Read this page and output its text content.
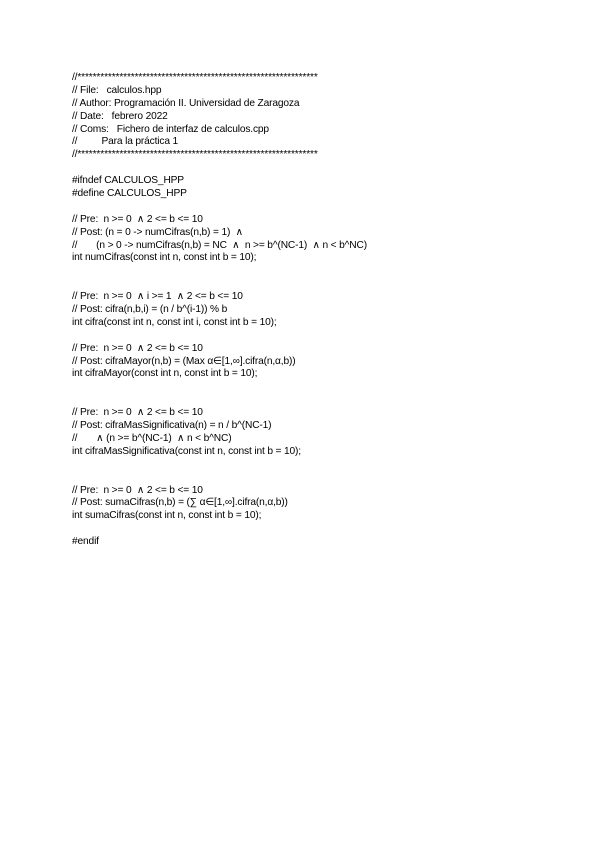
//***************************************************************
// File:   calculos.hpp
// Author: Programación II. Universidad de Zaragoza
// Date:   febrero 2022
// Coms:   Fichero de interfaz de calculos.cpp
//         Para la práctica 1
//***************************************************************
#ifndef CALCULOS_HPP
#define CALCULOS_HPP
// Pre:  n >= 0  ∧ 2 <= b <= 10
// Post: (n = 0 -> numCifras(n,b) = 1)  ∧
//       (n > 0 -> numCifras(n,b) = NC  ∧  n >= b^(NC-1)  ∧ n < b^NC)
int numCifras(const int n, const int b = 10);
// Pre:  n >= 0  ∧ i >= 1  ∧ 2 <= b <= 10
// Post: cifra(n,b,i) = (n / b^(i-1)) % b
int cifra(const int n, const int i, const int b = 10);
// Pre:  n >= 0  ∧ 2 <= b <= 10
// Post: cifraMayor(n,b) = (Max α∈[1,∞].cifra(n,α,b))
int cifraMayor(const int n, const int b = 10);
// Pre:  n >= 0  ∧ 2 <= b <= 10
// Post: cifraMasSignificativa(n) = n / b^(NC-1)
//       ∧ (n >= b^(NC-1)  ∧ n < b^NC)
int cifraMasSignificativa(const int n, const int b = 10);
// Pre:  n >= 0  ∧ 2 <= b <= 10
// Post: sumaCifras(n,b) = (∑ α∈[1,∞].cifra(n,α,b))
int sumaCifras(const int n, const int b = 10);
#endif
